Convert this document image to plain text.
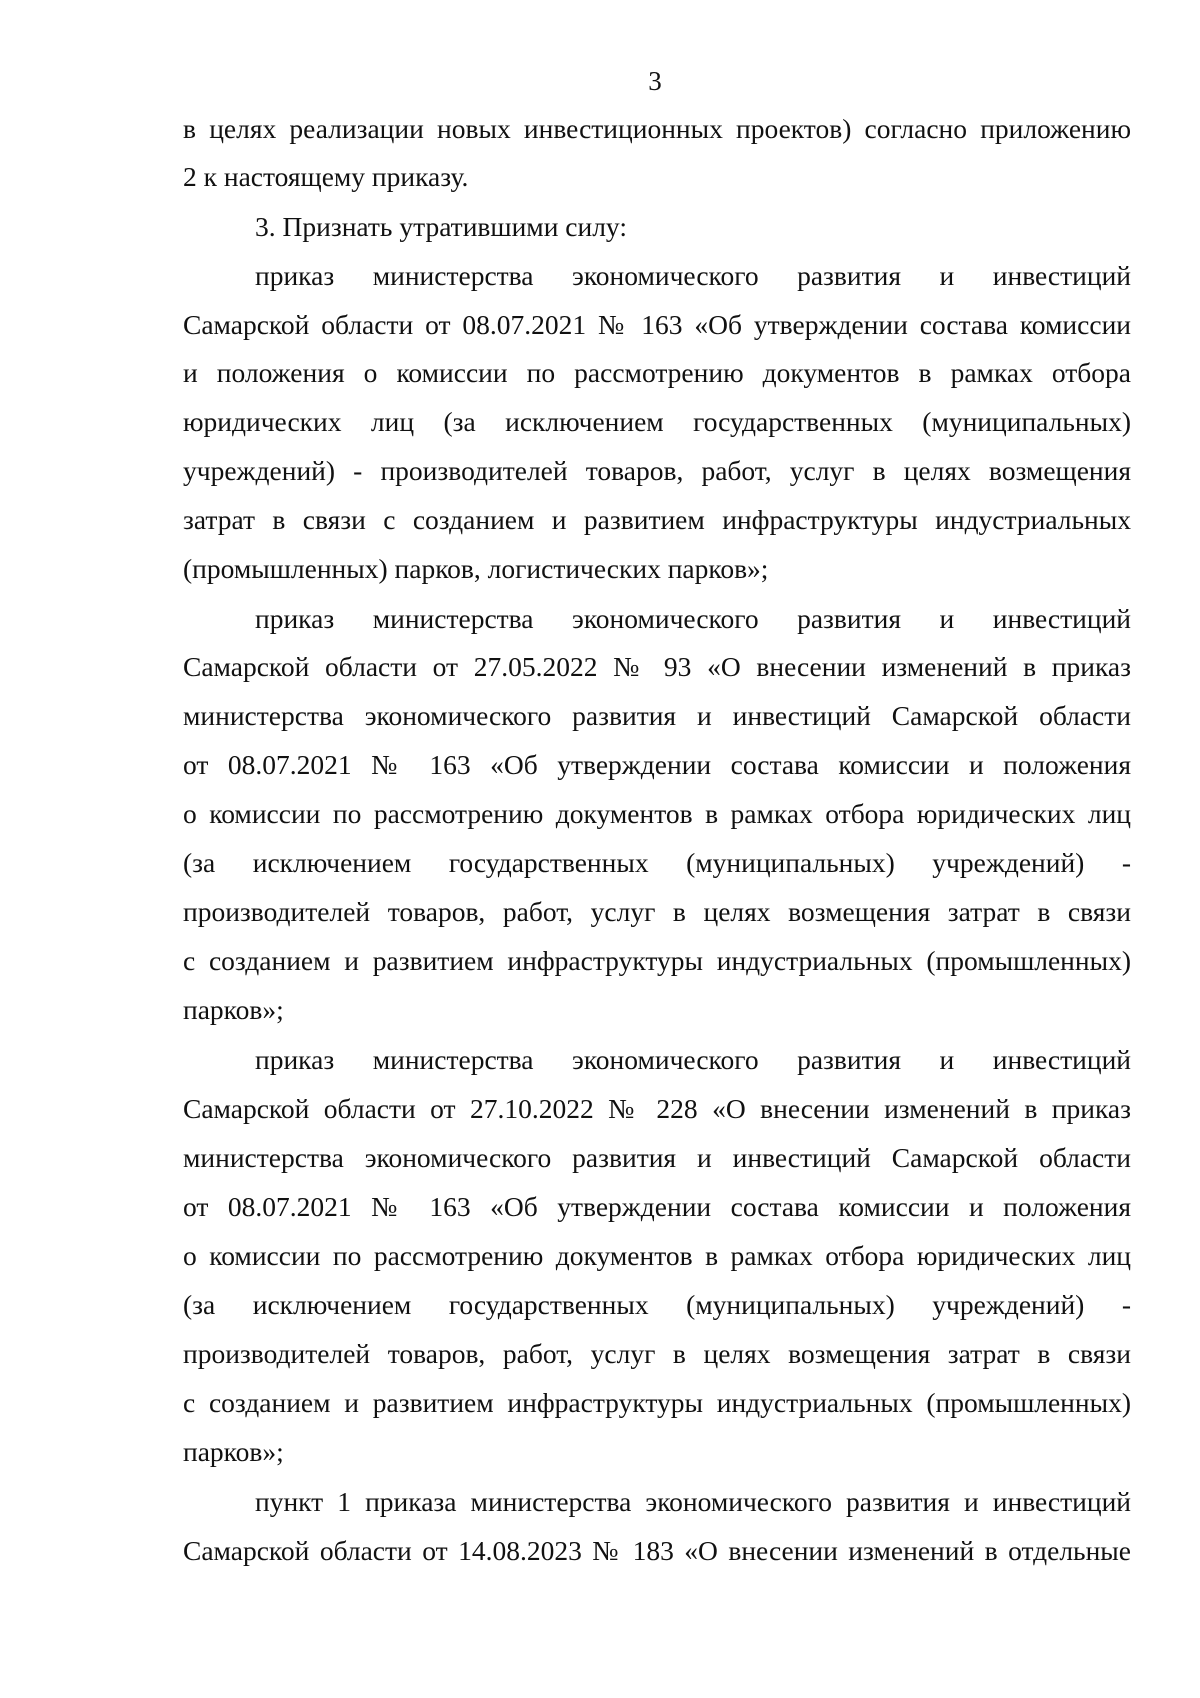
3
в целях реализации новых инвестиционных проектов) согласно приложению
2 к настоящему приказу.
3. Признать утратившими силу:
приказ министерства экономического развития и инвестиций
Самарской области от 08.07.2021 № 163 «Об утверждении состава комиссии
и положения о комиссии по рассмотрению документов в рамках отбора
юридических лиц (за исключением государственных (муниципальных)
учреждений) - производителей товаров, работ, услуг в целях возмещения
затрат в связи с созданием и развитием инфраструктуры индустриальных
(промышленных) парков, логистических парков»;
приказ министерства экономического развития и инвестиций
Самарской области от 27.05.2022 № 93 «О внесении изменений в приказ
министерства экономического развития и инвестиций Самарской области
от 08.07.2021 № 163 «Об утверждении состава комиссии и положения
о комиссии по рассмотрению документов в рамках отбора юридических лиц
(за исключением государственных (муниципальных) учреждений) -
производителей товаров, работ, услуг в целях возмещения затрат в связи
с созданием и развитием инфраструктуры индустриальных (промышленных)
парков»;
приказ министерства экономического развития и инвестиций
Самарской области от 27.10.2022 № 228 «О внесении изменений в приказ
министерства экономического развития и инвестиций Самарской области
от 08.07.2021 № 163 «Об утверждении состава комиссии и положения
о комиссии по рассмотрению документов в рамках отбора юридических лиц
(за исключением государственных (муниципальных) учреждений) -
производителей товаров, работ, услуг в целях возмещения затрат в связи
с созданием и развитием инфраструктуры индустриальных (промышленных)
парков»;
пункт 1 приказа министерства экономического развития и инвестиций
Самарской области от 14.08.2023 № 183 «О внесении изменений в отдельные
